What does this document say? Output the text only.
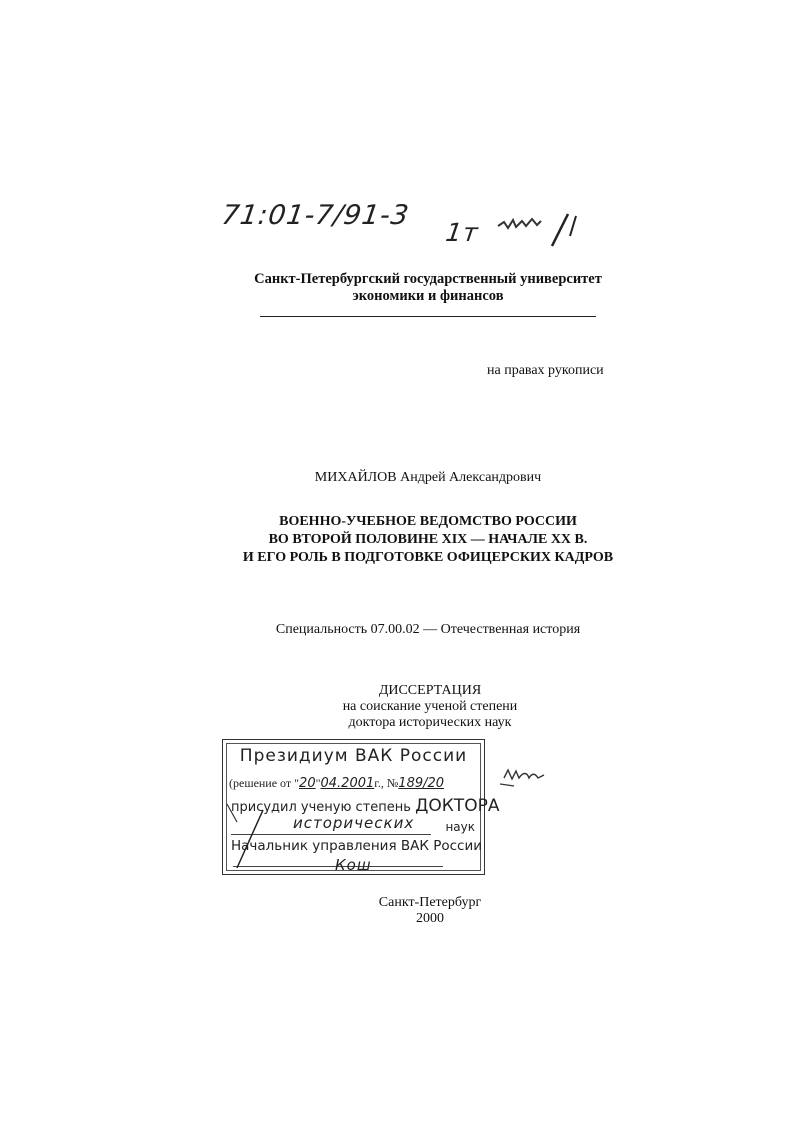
71:01-7/91-3
1т
Санкт-Петербургский государственный университет
экономики и финансов
на правах рукописи
МИХАЙЛОВ Андрей Александрович
ВОЕННО-УЧЕБНОЕ ВЕДОМСТВО РОССИИ
ВО ВТОРОЙ ПОЛОВИНЕ XIX — НАЧАЛЕ XX В.
И ЕГО РОЛЬ В ПОДГОТОВКЕ ОФИЦЕРСКИХ КАДРОВ
Специальность 07.00.02 — Отечественная история
ДИССЕРТАЦИЯ
на соискание ученой степени
доктора исторических наук
Президиум ВАК России
(решение от "20"04.2001г., №189/20
присудил ученую степень ДОКТОРА
исторических	наук
Начальник управления ВАК России
Кош
Санкт-Петербург
2000
